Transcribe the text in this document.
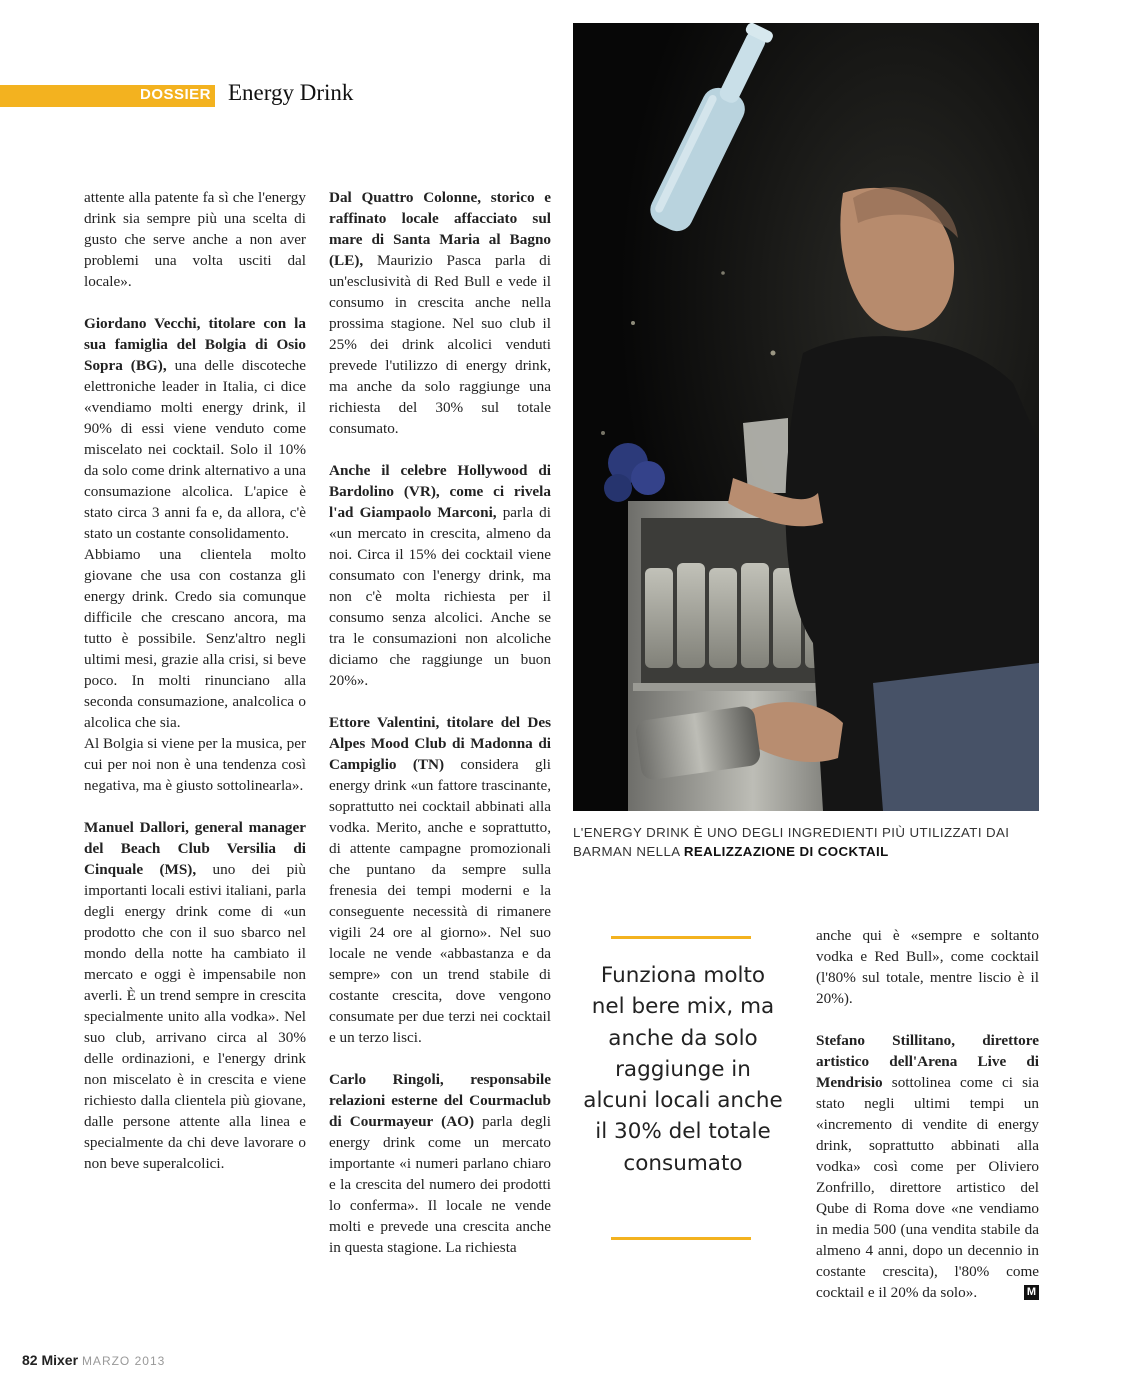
DOSSIER Energy Drink

attente alla patente fa sì che l'energy drink sia sempre più una scelta di gusto che serve anche a non aver problemi una volta usciti dal locale».

Giordano Vecchi, titolare con la sua famiglia del Bolgia di Osio Sopra (BG), una delle discoteche elettroniche leader in Italia, ci dice «vendiamo molti energy drink, il 90% di essi viene venduto come miscelato nei cocktail. Solo il 10% da solo come drink alternativo a una consumazione alcolica. L'apice è stato circa 3 anni fa e, da allora, c'è stato un costante consolidamento.

Abbiamo una clientela molto giovane che usa con costanza gli energy drink. Credo sia comunque difficile che crescano ancora, ma tutto è possibile. Senz'altro negli ultimi mesi, grazie alla crisi, si beve poco. In molti rinunciano alla seconda consumazione, analcolica o alcolica che sia.

Al Bolgia si viene per la musica, per cui per noi non è una tendenza così negativa, ma è giusto sottolinearla».

Manuel Dallori, general manager del Beach Club Versilia di Cinquale (MS), uno dei più importanti locali estivi italiani, parla degli energy drink come di «un prodotto che con il suo sbarco nel mondo della notte ha cambiato il mercato e oggi è impensabile non averli. È un trend sempre in crescita specialmente unito alla vodka». Nel suo club, arrivano circa al 30% delle ordinazioni, e l'energy drink non miscelato è in crescita e viene richiesto dalla clientela più giovane, dalle persone attente alla linea e specialmente da chi deve lavorare o non beve superalcolici.

Dal Quattro Colonne, storico e raffinato locale affacciato sul mare di Santa Maria al Bagno (LE), Maurizio Pasca parla di un'esclusività di Red Bull e vede il consumo in crescita anche nella prossima stagione. Nel suo club il 25% dei drink alcolici venduti prevede l'utilizzo di energy drink, ma anche da solo raggiunge una richiesta del 30% sul totale consumato.

Anche il celebre Hollywood di Bardolino (VR), come ci rivela l'ad Giampaolo Marconi, parla di «un mercato in crescita, almeno da noi. Circa il 15% dei cocktail viene consumato con l'energy drink, ma non c'è molta richiesta per il consumo senza alcolici. Anche se tra le consumazioni non alcoliche diciamo che raggiunge un buon 20%».

Ettore Valentini, titolare del Des Alpes Mood Club di Madonna di Campiglio (TN) considera gli energy drink «un fattore trascinante, soprattutto nei cocktail abbinati alla vodka. Merito, anche e soprattutto, di attente campagne promozionali che puntano da sempre sulla frenesia dei tempi moderni e la conseguente necessità di rimanere vigili 24 ore al giorno». Nel suo locale ne vende «abbastanza e da sempre» con un trend stabile di costante crescita, dove vengono consumate per due terzi nei cocktail e un terzo lisci.

Carlo Ringoli, responsabile relazioni esterne del Courmaclub di Courmayeur (AO) parla degli energy drink come un mercato importante «i numeri parlano chiaro e la crescita del numero dei prodotti lo conferma». Il locale ne vende molti e prevede una crescita anche in questa stagione. La richiesta

L'ENERGY DRINK È UNO DEGLI INGREDIENTI PIÙ UTILIZZATI DAI BARMAN NELLA REALIZZAZIONE DI COCKTAIL
Funziona molto nel bere mix, ma anche da solo raggiunge in alcuni locali anche il 30% del totale consumato

anche qui è «sempre e soltanto vodka e Red Bull», come cocktail (l'80% sul totale, mentre liscio è il 20%).

Stefano Stillitano, direttore artistico dell'Arena Live di Mendrisio sottolinea come ci sia stato negli ultimi tempi un «incremento di vendite di energy drink, soprattutto abbinati alla vodka» così come per Oliviero Zonfrillo, direttore artistico del Qube di Roma dove «ne vendiamo in media 500 (una vendita stabile da almeno 4 anni, dopo un decennio in costante crescita), l'80% come cocktail e il 20% da solo».	M

82 Mixer MARZO 2013
